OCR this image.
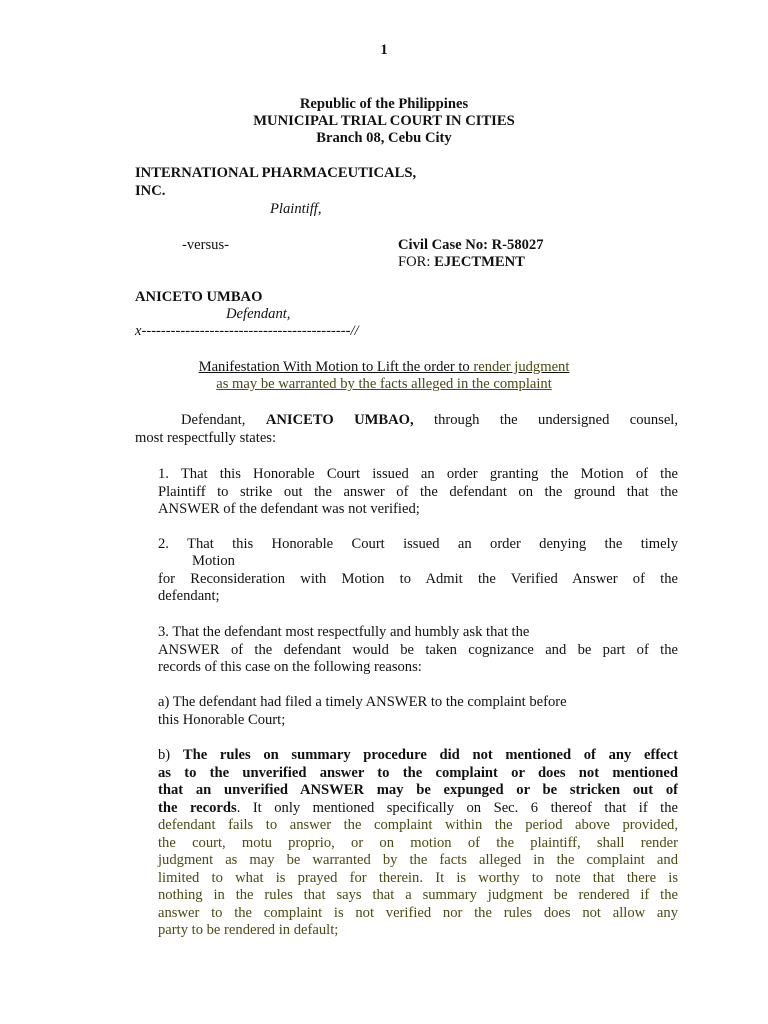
1
Republic of the Philippines
MUNICIPAL TRIAL COURT IN CITIES
Branch 08, Cebu City
INTERNATIONAL PHARMACEUTICALS,
INC.
Plaintiff,
-versus-	Civil Case No: R-58027
FOR: EJECTMENT
ANICETO UMBAO
Defendant,
x-------------------------------------------//
Manifestation With Motion to Lift the order to render judgment
as may be warranted by the facts alleged in the complaint
Defendant, ANICETO UMBAO, through the undersigned counsel,
most respectfully states:
1. That this Honorable Court issued an order granting the Motion of the
Plaintiff to strike out the answer of the defendant on the ground that the
ANSWER of the defendant was not verified;
2. That this Honorable Court issued an order denying the timely
Motion
for Reconsideration with Motion to Admit the Verified Answer of the
defendant;
3. That the defendant most respectfully and humbly ask that the
ANSWER of the defendant would be taken cognizance and be part of the
records of this case on the following reasons:
a) The defendant had filed a timely ANSWER to the complaint before
this Honorable Court;
b) The rules on summary procedure did not mentioned of any effect
as to the unverified answer to the complaint or does not mentioned
that an unverified ANSWER may be expunged or be stricken out of
the records. It only mentioned specifically on Sec. 6 thereof that if the
defendant fails to answer the complaint within the period above provided,
the court, motu proprio, or on motion of the plaintiff, shall render
judgment as may be warranted by the facts alleged in the complaint and
limited to what is prayed for therein. It is worthy to note that there is
nothing in the rules that says that a summary judgment be rendered if the
answer to the complaint is not verified nor the rules does not allow any
party to be rendered in default;
